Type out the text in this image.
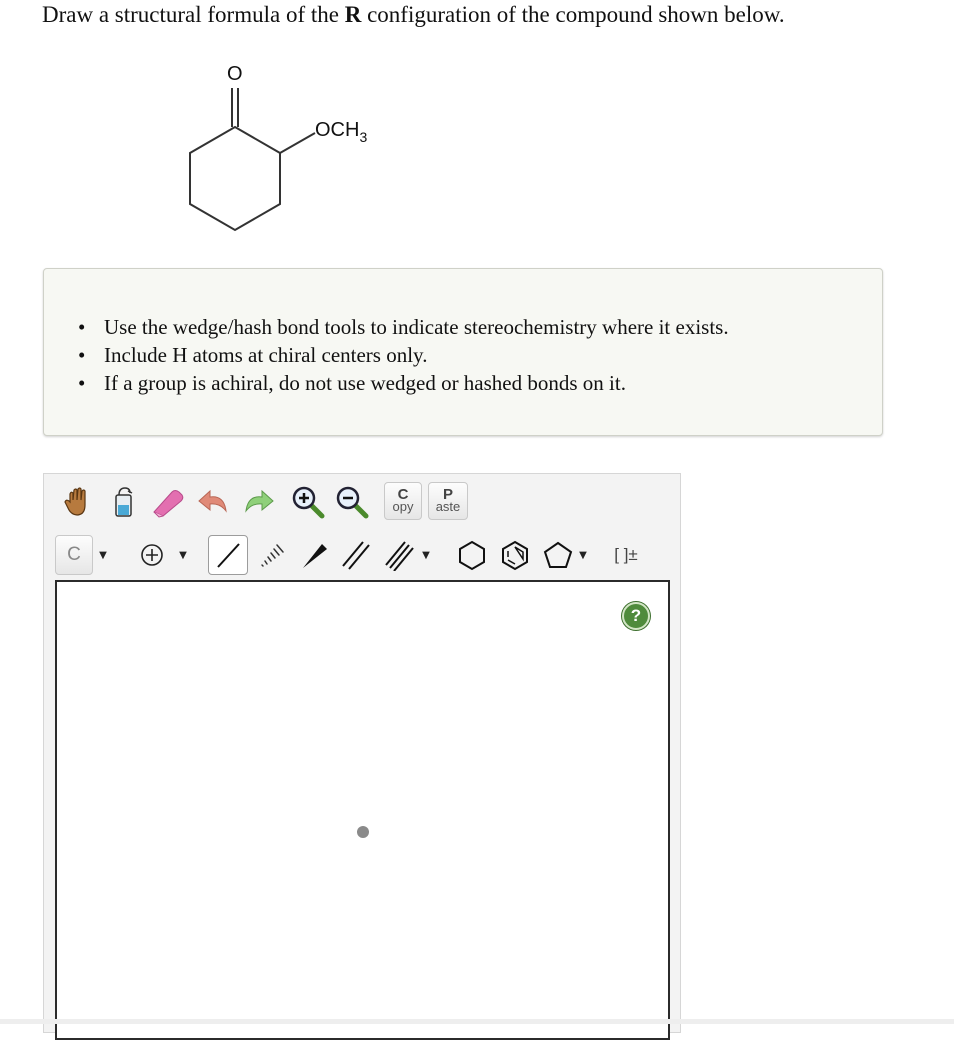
Draw a structural formula of the R configuration of the compound shown below.
O
$OCH_3$
• Use the wedge/hash bond tools to indicate stereochemistry where it exists.
• Include H atoms at chiral centers only.
• If a group is achiral, do not use wedged or hashed bonds on it.
C
opy
P
aste
C ▼	▼	▼	▼ [ ]±
?
